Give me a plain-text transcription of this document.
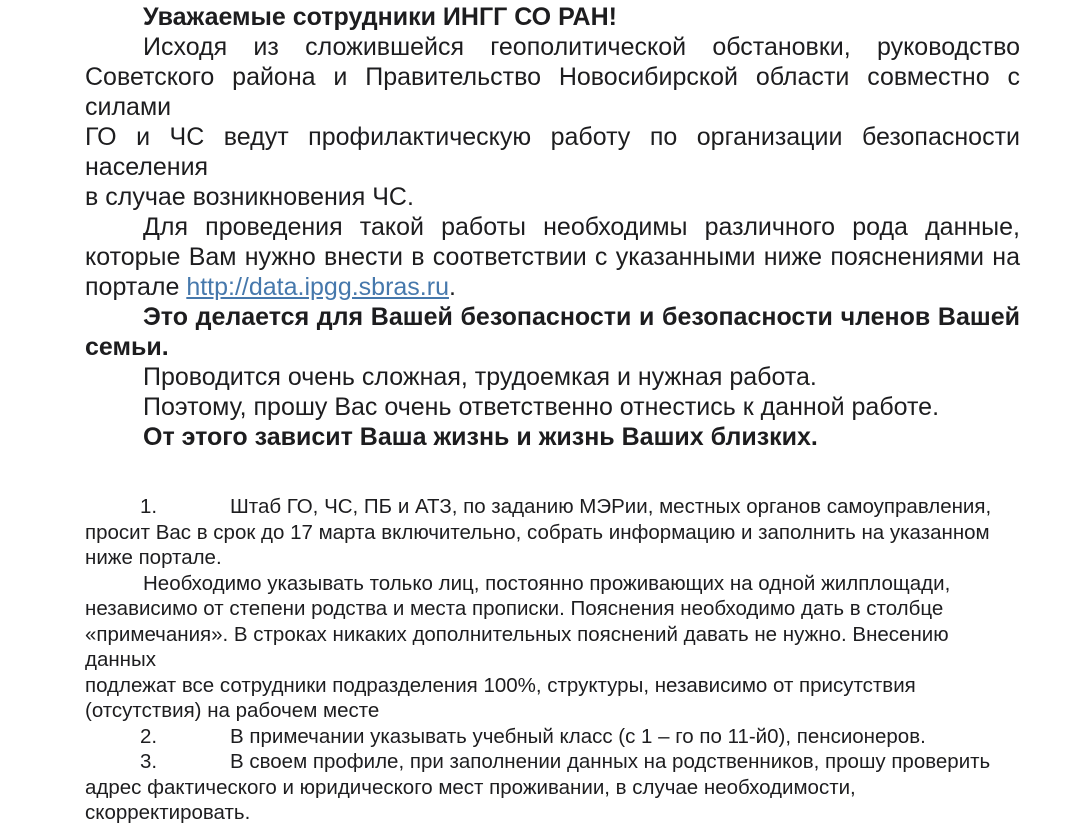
Уважаемые сотрудники ИНГГ СО РАН!
Исходя из сложившейся геополитической обстановки, руководство
Советского района и Правительство Новосибирской области совместно с силами
ГО и ЧС ведут профилактическую работу по организации безопасности населения
в случае возникновения ЧС.
Для проведения такой работы необходимы различного рода данные,
которые Вам нужно внести в соответствии с указанными ниже пояснениями на
портале http://data.ipgg.sbras.ru.
Это делается для Вашей безопасности и безопасности членов Вашей
семьи.
Проводится очень сложная, трудоемкая и нужная работа.
Поэтому, прошу Вас очень ответственно отнестись к данной работе.
От этого зависит Ваша жизнь и жизнь Ваших близких.
1.	Штаб ГО, ЧС, ПБ и АТЗ, по заданию МЭРии, местных органов самоуправления,
просит Вас в срок до 17 марта включительно, собрать информацию и заполнить на указанном
ниже портале.
Необходимо указывать только лиц, постоянно проживающих на одной жилплощади,
независимо от степени родства и места прописки. Пояснения необходимо дать в столбце
«примечания». В строках никаких дополнительных пояснений давать не нужно. Внесению данных
подлежат все сотрудники подразделения 100%, структуры, независимо от присутствия
(отсутствия) на рабочем месте
2.	В примечании указывать учебный класс (с 1 – го по 11-й0), пенсионеров.
3.	В своем профиле, при заполнении данных на родственников, прошу проверить
адрес фактического и юридического мест проживании, в случае необходимости, скорректировать.
